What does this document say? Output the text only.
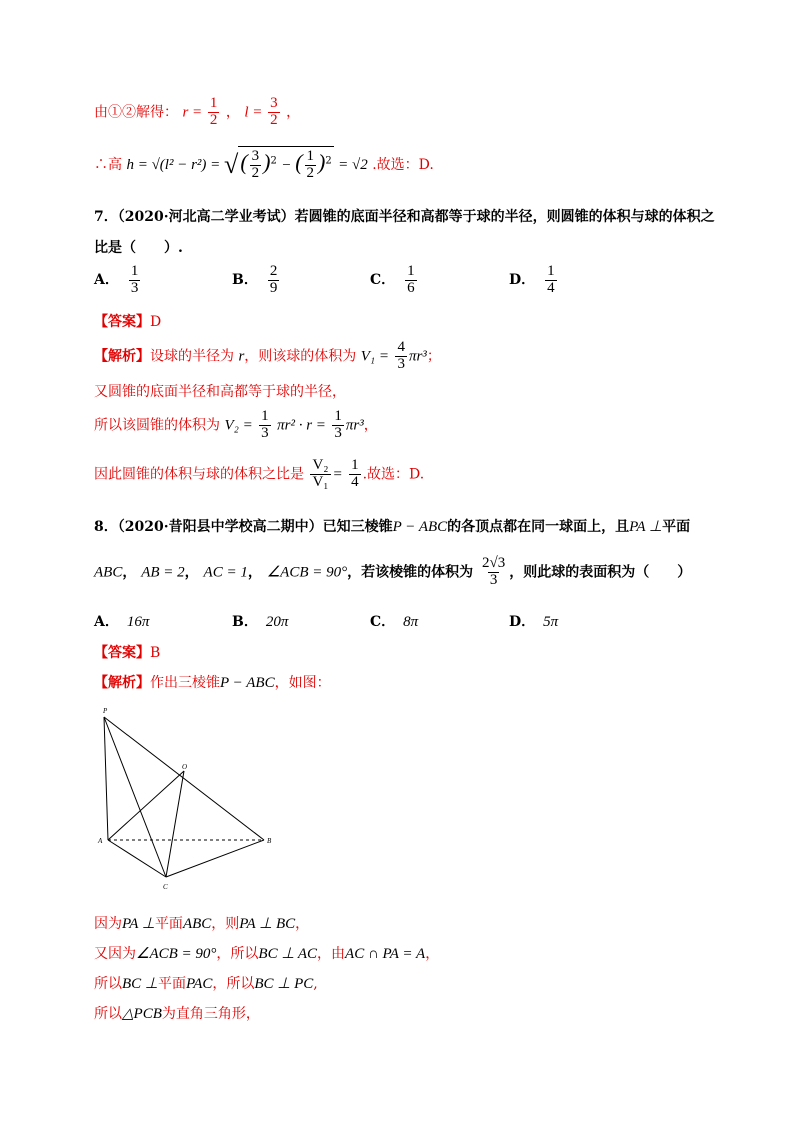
由①②解得： $r = \frac{1}{2}$ ， $l = \frac{3}{2}$ ，
∴高 h = √(l² − r²) = √( $\frac{3}{2} )^2$ − ( $\frac{1}{2} )^2 = √2$ .故选：D.
7．（2020·河北高二学业考试）若圆锥的底面半径和高都等于球的半径，则圆锥的体积与球的体积之
比是（　　）.
A． $\frac{1}{3}$	B． $\frac{2}{9}$	C． $\frac{1}{6}$	D． $\frac{1}{4}$
【答案】D
【解析】设球的半径为 r，则该球的体积为 $V_1 = \frac{4}{3} \pi r^3$；
又圆锥的底面半径和高都等于球的半径，
所以该圆锥的体积为 $V_2 = \frac{1}{3} \pi r^2 \cdot r = \frac{1}{3} \pi r^3$，
因此圆锥的体积与球的体积之比是 $\frac{\text{V₂}}{\text{V₁}} = \frac{1}{4}$ .故选：D.
8．（2020·昔阳县中学校高二期中）已知三棱锥P − ABC的各顶点都在同一球面上，且PA ⊥平面
ABC， AB = 2， AC = 1， ∠ACB = 90°，若该棱锥的体积为 $\frac{2√3}{3}$ ，则此球的表面积为（　　）
A． 16π	B． 20π	C． 8π	D． 5π
【答案】B
【解析】作出三棱锥P − ABC，如图：
P
O
A	B
C
因为PA ⊥平面ABC，则PA ⊥ BC，
又因为∠ACB = 90°，所以BC ⊥ AC，由AC ∩ PA = A，
所以BC ⊥平面PAC，所以BC ⊥ PC,
所以△PCB为直角三角形，
